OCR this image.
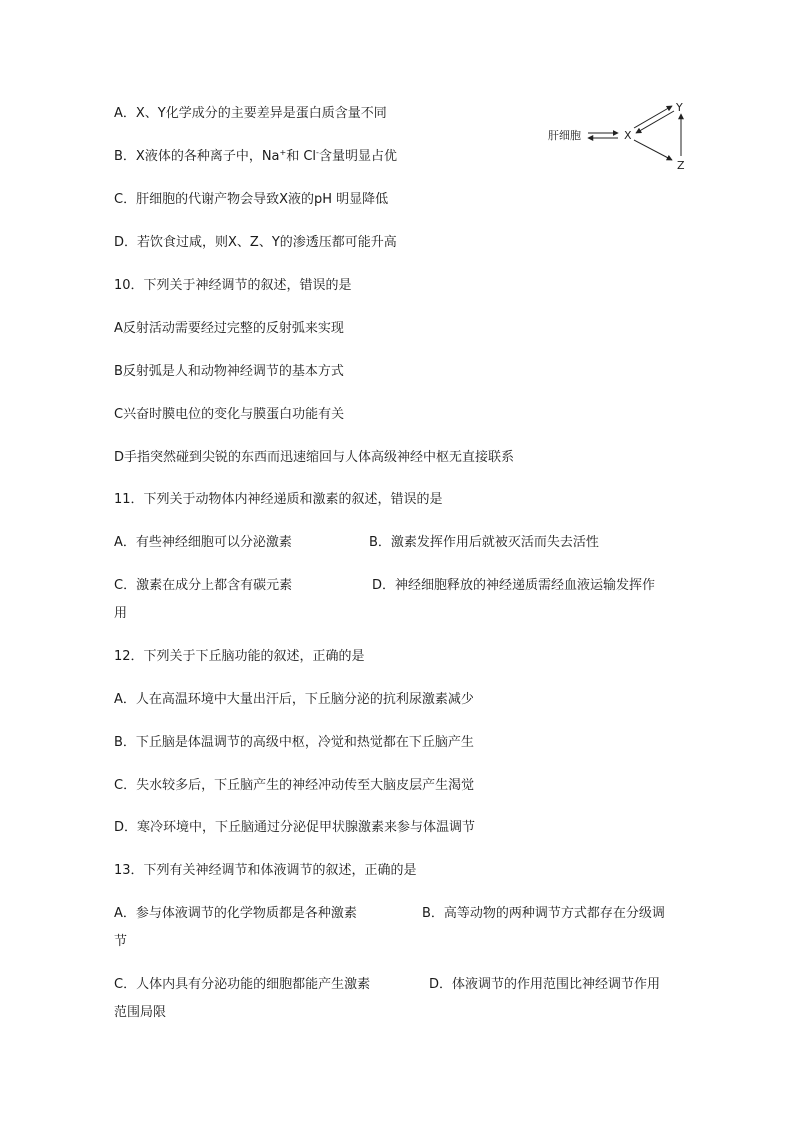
A．X、Y化学成分的主要差异是蛋白质含量不同
B．X液体的各种离子中，Na+和 Cl-含量明显占优
C．肝细胞的代谢产物会导致X液的pH 明显降低
D．若饮食过咸，则X、Z、Y的渗透压都可能升高
肝细胞	X
Y
Z
10．下列关于神经调节的叙述，错误的是
A反射活动需要经过完整的反射弧来实现
B反射弧是人和动物神经调节的基本方式
C兴奋时膜电位的变化与膜蛋白功能有关
D手指突然碰到尖锐的东西而迅速缩回与人体高级神经中枢无直接联系
11．下列关于动物体内神经递质和激素的叙述，错误的是
A．有些神经细胞可以分泌激素	B．激素发挥作用后就被灭活而失去活性
C．激素在成分上都含有碳元素	D．神经细胞释放的神经递质需经血液运输发挥作
用
12．下列关于下丘脑功能的叙述，正确的是
A．人在高温环境中大量出汗后，下丘脑分泌的抗利尿激素减少
B．下丘脑是体温调节的高级中枢，冷觉和热觉都在下丘脑产生
C．失水较多后，下丘脑产生的神经冲动传至大脑皮层产生渴觉
D．寒冷环境中，下丘脑通过分泌促甲状腺激素来参与体温调节
13．下列有关神经调节和体液调节的叙述，正确的是
A．参与体液调节的化学物质都是各种激素	B．高等动物的两种调节方式都存在分级调
节
C．人体内具有分泌功能的细胞都能产生激素	D．体液调节的作用范围比神经调节作用
范围局限
